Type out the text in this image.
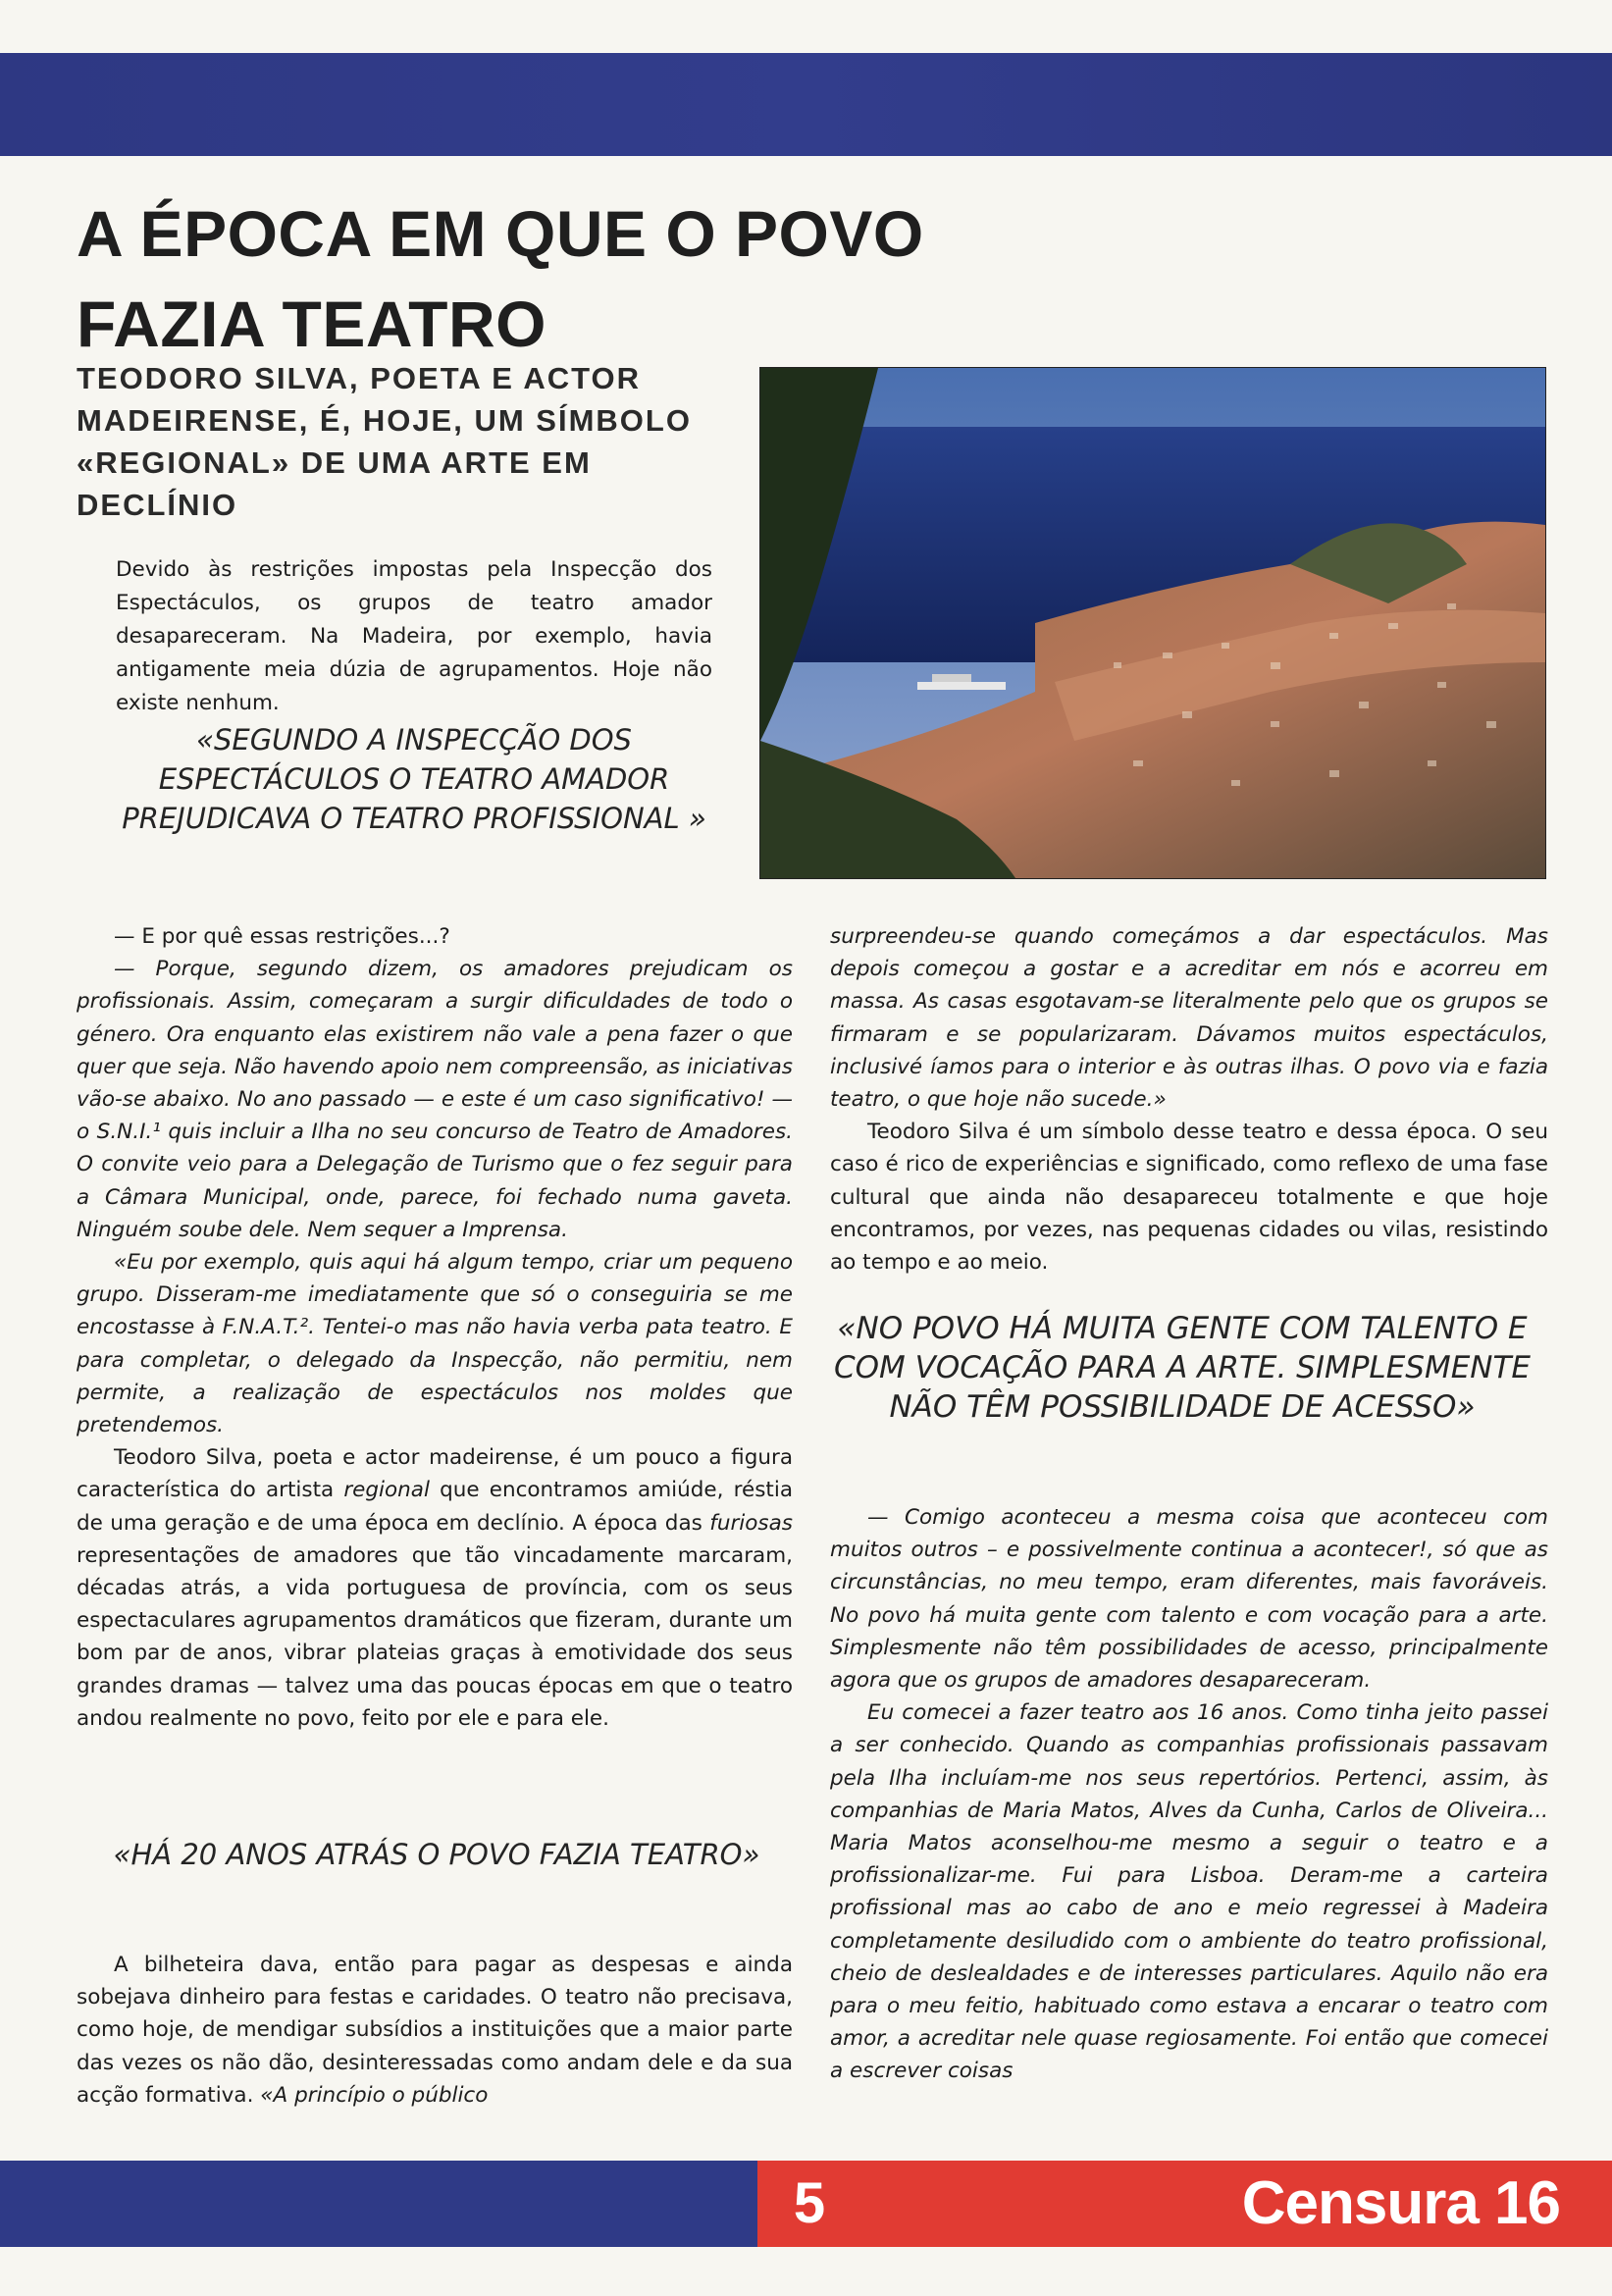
A ÉPOCA EM QUE O POVO FAZIA TEATRO
TEODORO SILVA, POETA E ACTOR MADEIRENSE, É, HOJE, UM SÍMBOLO «REGIONAL» DE UMA ARTE EM DECLÍNIO

Devido às restrições impostas pela Inspecção dos Espectáculos, os grupos de teatro amador desapareceram. Na Madeira, por exemplo, havia antigamente meia dúzia de agrupamentos. Hoje não existe nenhum.

«SEGUNDO A INSPECÇÃO DOS ESPECTÁCULOS O TEATRO AMADOR PREJUDICAVA O TEATRO PROFISSIONAL »

— E por quê essas restrições...?

— Porque, segundo dizem, os amadores prejudicam os profissionais. Assim, começaram a surgir dificuldades de todo o género. Ora enquanto elas existirem não vale a pena fazer o que quer que seja. Não havendo apoio nem compreensão, as iniciativas vão-se abaixo. No ano passado — e este é um caso significativo! — o S.N.I.¹ quis incluir a Ilha no seu concurso de Teatro de Amadores. O convite veio para a Delegação de Turismo que o fez seguir para a Câmara Municipal, onde, parece, foi fechado numa gaveta. Ninguém soube dele. Nem sequer a Imprensa.

«Eu por exemplo, quis aqui há algum tempo, criar um pequeno grupo. Disseram-me imediatamente que só o conseguiria se me encostasse à F.N.A.T.². Tentei-o mas não havia verba pata teatro. E para completar, o delegado da Inspecção, não permitiu, nem permite, a realização de espectáculos nos moldes que pretendemos.

Teodoro Silva, poeta e actor madeirense, é um pouco a figura característica do artista regional que encontramos amiúde, réstia de uma geração e de uma época em declínio. A época das furiosas representações de amadores que tão vincadamente marcaram, décadas atrás, a vida portuguesa de província, com os seus espectaculares agrupamentos dramáticos que fizeram, durante um bom par de anos, vibrar plateias graças à emotividade dos seus grandes dramas — talvez uma das poucas épocas em que o teatro andou realmente no povo, feito por ele e para ele.

«HÁ 20 ANOS ATRÁS O POVO FAZIA TEATRO»

A bilheteira dava, então para pagar as despesas e ainda sobejava dinheiro para festas e caridades. O teatro não precisava, como hoje, de mendigar subsídios a instituições que a maior parte das vezes os não dão, desinteressadas como andam dele e da sua acção formativa. «A princípio o público

surpreendeu-se quando começámos a dar espectáculos. Mas depois começou a gostar e a acreditar em nós e acorreu em massa. As casas esgotavam-se literalmente pelo que os grupos se firmaram e se popularizaram. Dávamos muitos espectáculos, inclusivé íamos para o interior e às outras ilhas. O povo via e fazia teatro, o que hoje não sucede.»

Teodoro Silva é um símbolo desse teatro e dessa época. O seu caso é rico de experiências e significado, como reflexo de uma fase cultural que ainda não desapareceu totalmente e que hoje encontramos, por vezes, nas pequenas cidades ou vilas, resistindo ao tempo e ao meio.

«NO POVO HÁ MUITA GENTE COM TALENTO E COM VOCAÇÃO PARA A ARTE. SIMPLESMENTE NÃO TÊM POSSIBILIDADE DE ACESSO»

— Comigo aconteceu a mesma coisa que aconteceu com muitos outros – e possivelmente continua a acontecer!, só que as circunstâncias, no meu tempo, eram diferentes, mais favoráveis. No povo há muita gente com talento e com vocação para a arte. Simplesmente não têm possibilidades de acesso, principalmente agora que os grupos de amadores desapareceram.

Eu comecei a fazer teatro aos 16 anos. Como tinha jeito passei a ser conhecido. Quando as companhias profissionais passavam pela Ilha incluíam-me nos seus repertórios. Pertenci, assim, às companhias de Maria Matos, Alves da Cunha, Carlos de Oliveira... Maria Matos aconselhou-me mesmo a seguir o teatro e a profissionalizar-me. Fui para Lisboa. Deram-me a carteira profissional mas ao cabo de ano e meio regressei à Madeira completamente desiludido com o ambiente do teatro profissional, cheio de deslealdades e de interesses particulares. Aquilo não era para o meu feitio, habituado como estava a encarar o teatro com amor, a acreditar nele quase regiosamente. Foi então que comecei a escrever coisas

5	Censura 16
